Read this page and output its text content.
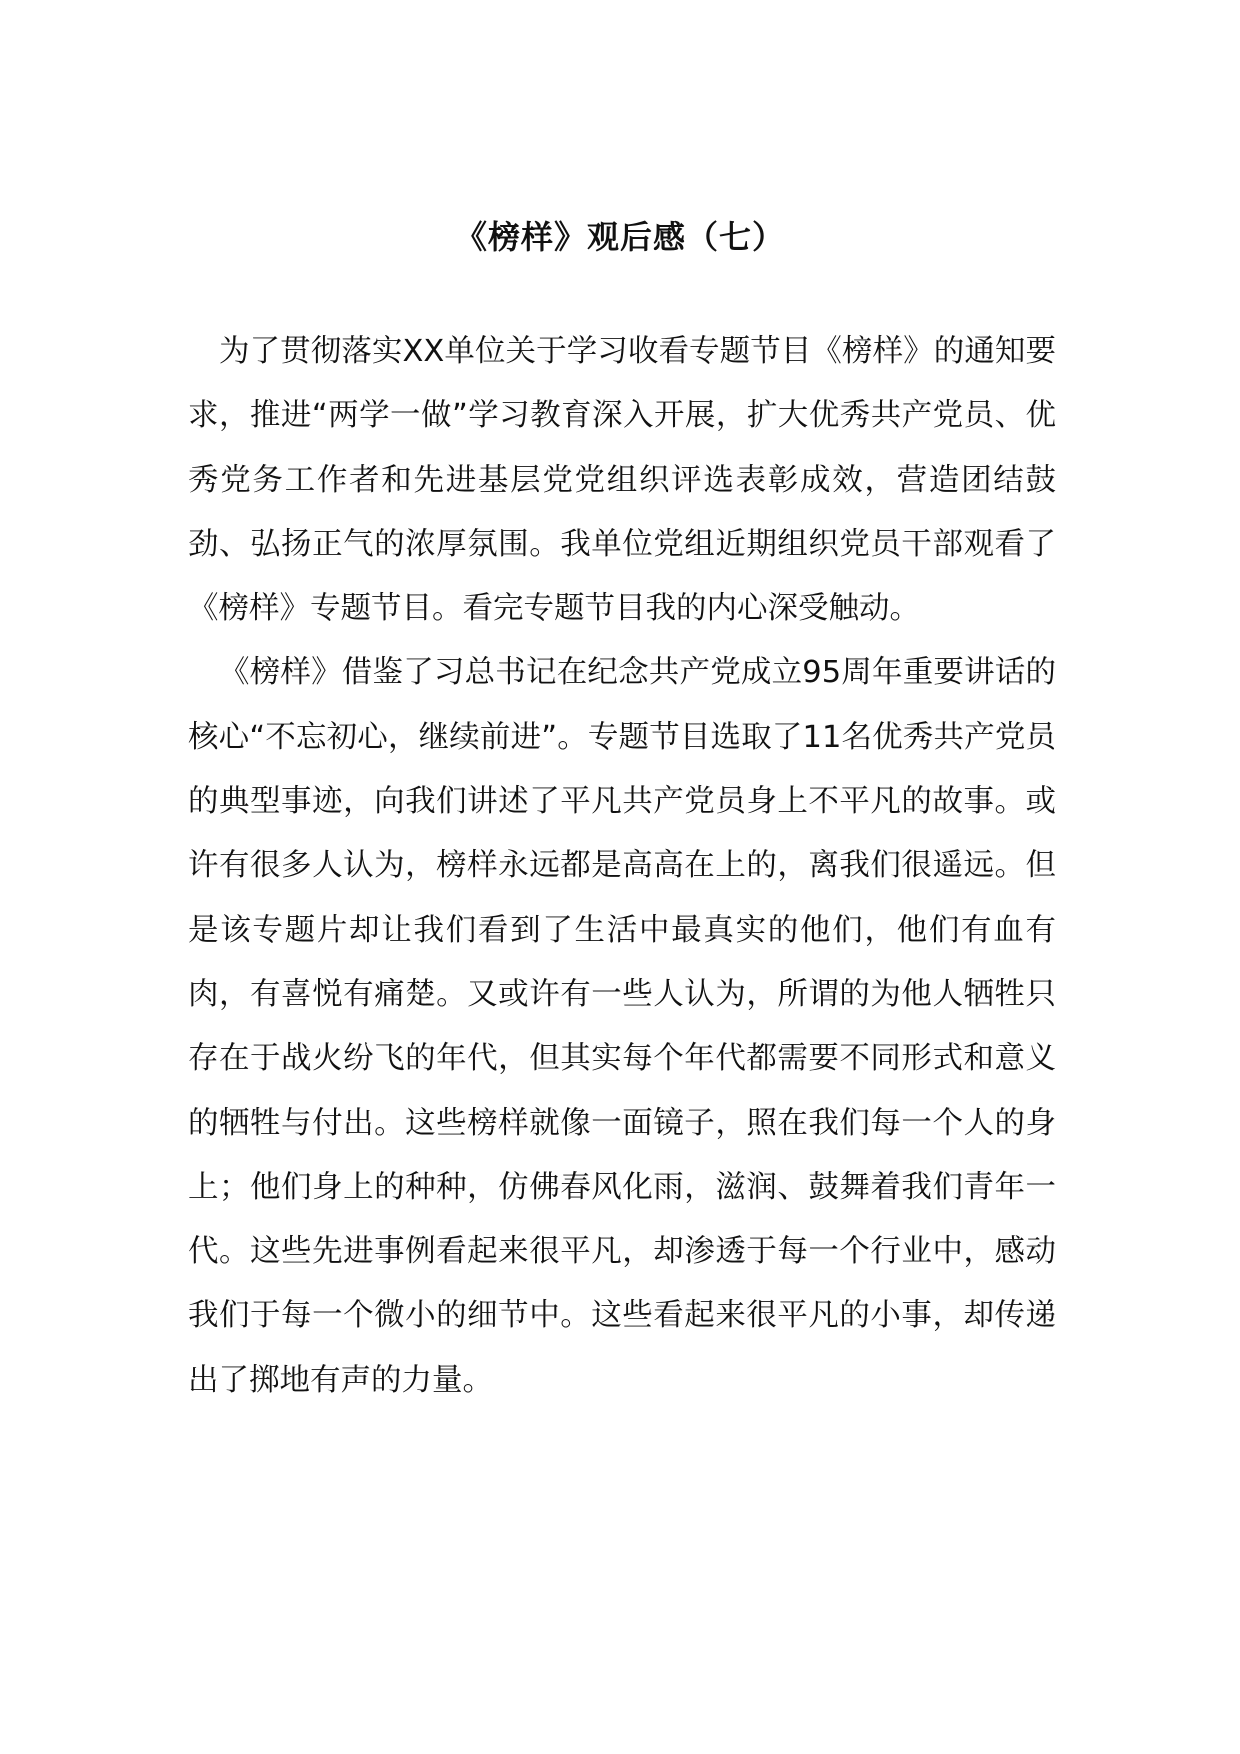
《榜样》观后感（七）

为了贯彻落实XX单位关于学习收看专题节目《榜样》的通知要求，推进“两学一做”学习教育深入开展，扩大优秀共产党员、优秀党务工作者和先进基层党党组织评选表彰成效，营造团结鼓劲、弘扬正气的浓厚氛围。我单位党组近期组织党员干部观看了《榜样》专题节目。看完专题节目我的内心深受触动。

《榜样》借鉴了习总书记在纪念共产党成立95周年重要讲话的核心“不忘初心，继续前进”。专题节目选取了11名优秀共产党员的典型事迹，向我们讲述了平凡共产党员身上不平凡的故事。或许有很多人认为，榜样永远都是高高在上的，离我们很遥远。但是该专题片却让我们看到了生活中最真实的他们，他们有血有肉，有喜悦有痛楚。又或许有一些人认为，所谓的为他人牺牲只存在于战火纷飞的年代，但其实每个年代都需要不同形式和意义的牺牲与付出。这些榜样就像一面镜子，照在我们每一个人的身上；他们身上的种种，仿佛春风化雨，滋润、鼓舞着我们青年一代。这些先进事例看起来很平凡，却渗透于每一个行业中，感动我们于每一个微小的细节中。这些看起来很平凡的小事，却传递出了掷地有声的力量。
